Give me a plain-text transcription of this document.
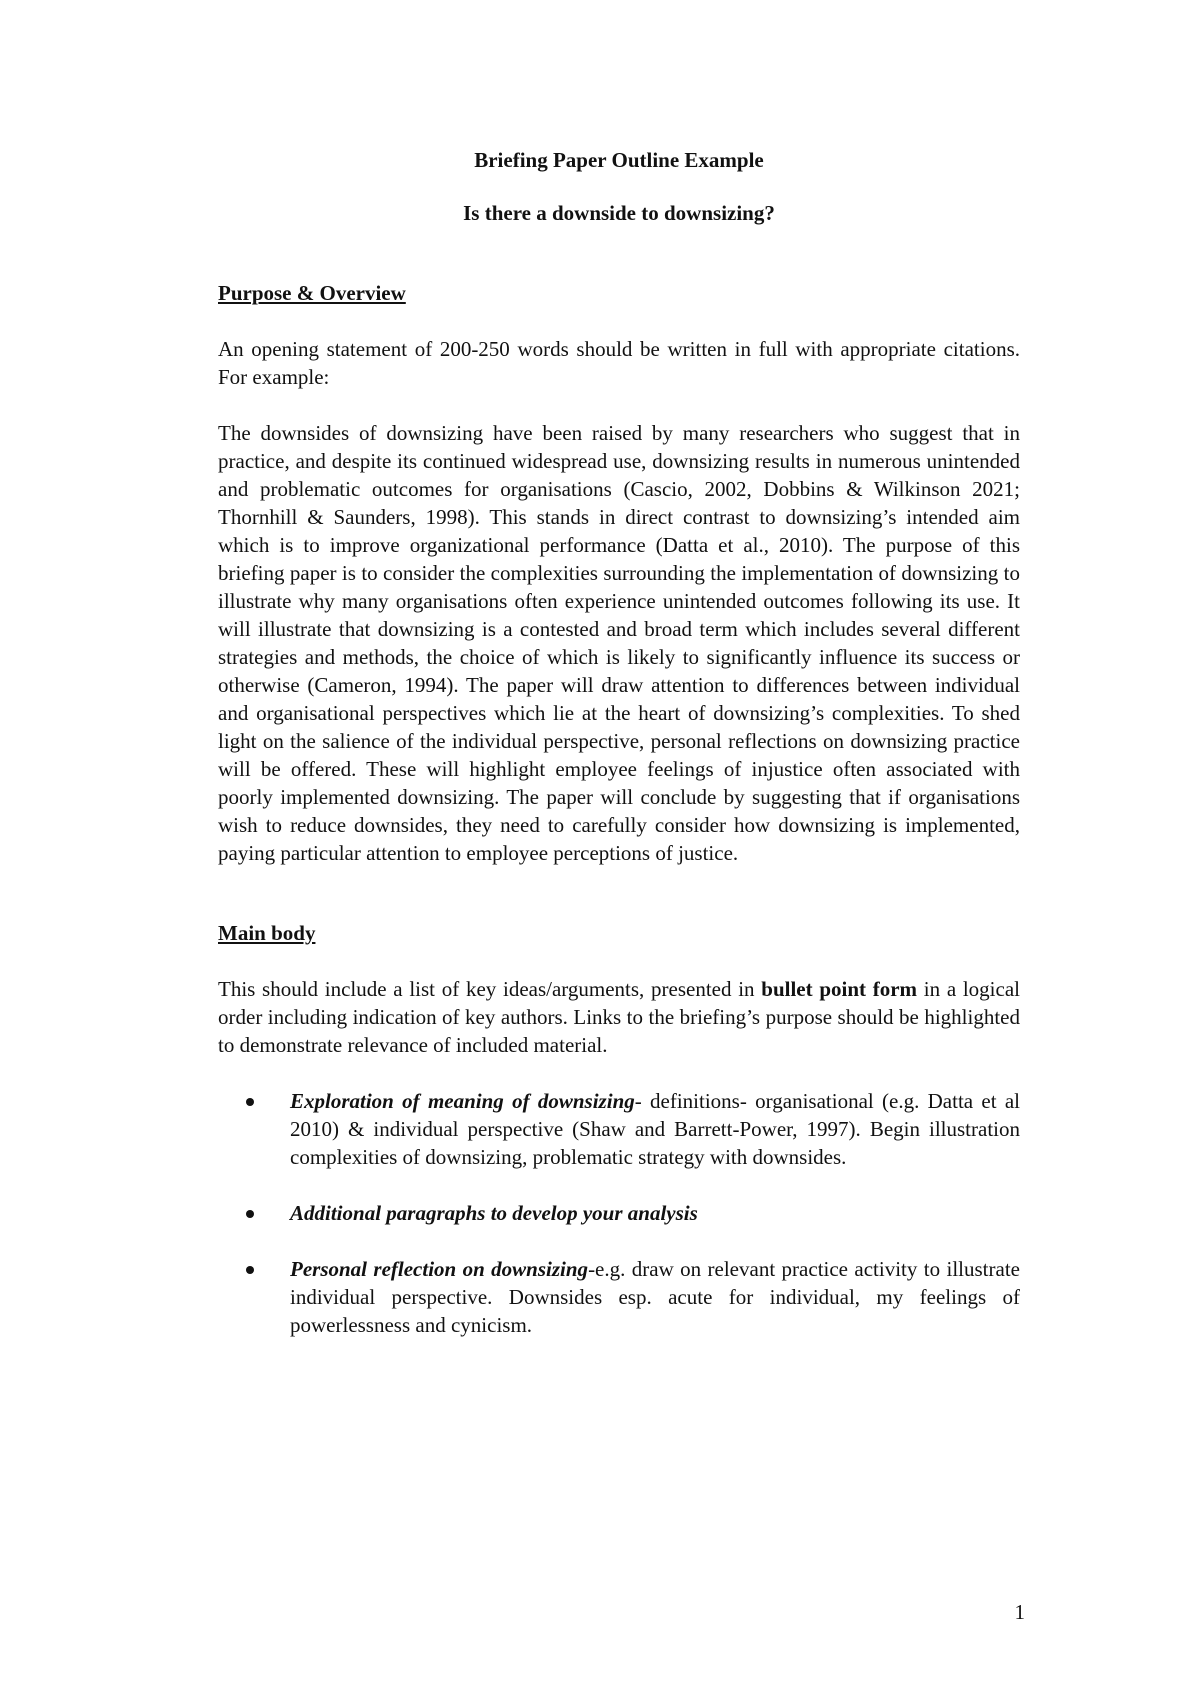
Briefing Paper Outline Example

Is there a downside to downsizing?

Purpose & Overview

An opening statement of 200-250 words should be written in full with appropriate citations. For example:

The downsides of downsizing have been raised by many researchers who suggest that in practice, and despite its continued widespread use, downsizing results in numerous unintended and problematic outcomes for organisations (Cascio, 2002, Dobbins & Wilkinson 2021; Thornhill & Saunders, 1998). This stands in direct contrast to downsizing’s intended aim which is to improve organizational performance (Datta et al., 2010). The purpose of this briefing paper is to consider the complexities surrounding the implementation of downsizing to illustrate why many organisations often experience unintended outcomes following its use. It will illustrate that downsizing is a contested and broad term which includes several different strategies and methods, the choice of which is likely to significantly influence its success or otherwise (Cameron, 1994). The paper will draw attention to differences between individual and organisational perspectives which lie at the heart of downsizing’s complexities. To shed light on the salience of the individual perspective, personal reflections on downsizing practice will be offered. These will highlight employee feelings of injustice often associated with poorly implemented downsizing. The paper will conclude by suggesting that if organisations wish to reduce downsides, they need to carefully consider how downsizing is implemented, paying particular attention to employee perceptions of justice.

Main body

This should include a list of key ideas/arguments, presented in bullet point form in a logical order including indication of key authors. Links to the briefing’s purpose should be highlighted to demonstrate relevance of included material.

Exploration of meaning of downsizing- definitions- organisational (e.g. Datta et al 2010) & individual perspective (Shaw and Barrett-Power, 1997). Begin illustration complexities of downsizing, problematic strategy with downsides.
Additional paragraphs to develop your analysis
Personal reflection on downsizing-e.g. draw on relevant practice activity to illustrate individual perspective. Downsides esp. acute for individual, my feelings of powerlessness and cynicism.
1
